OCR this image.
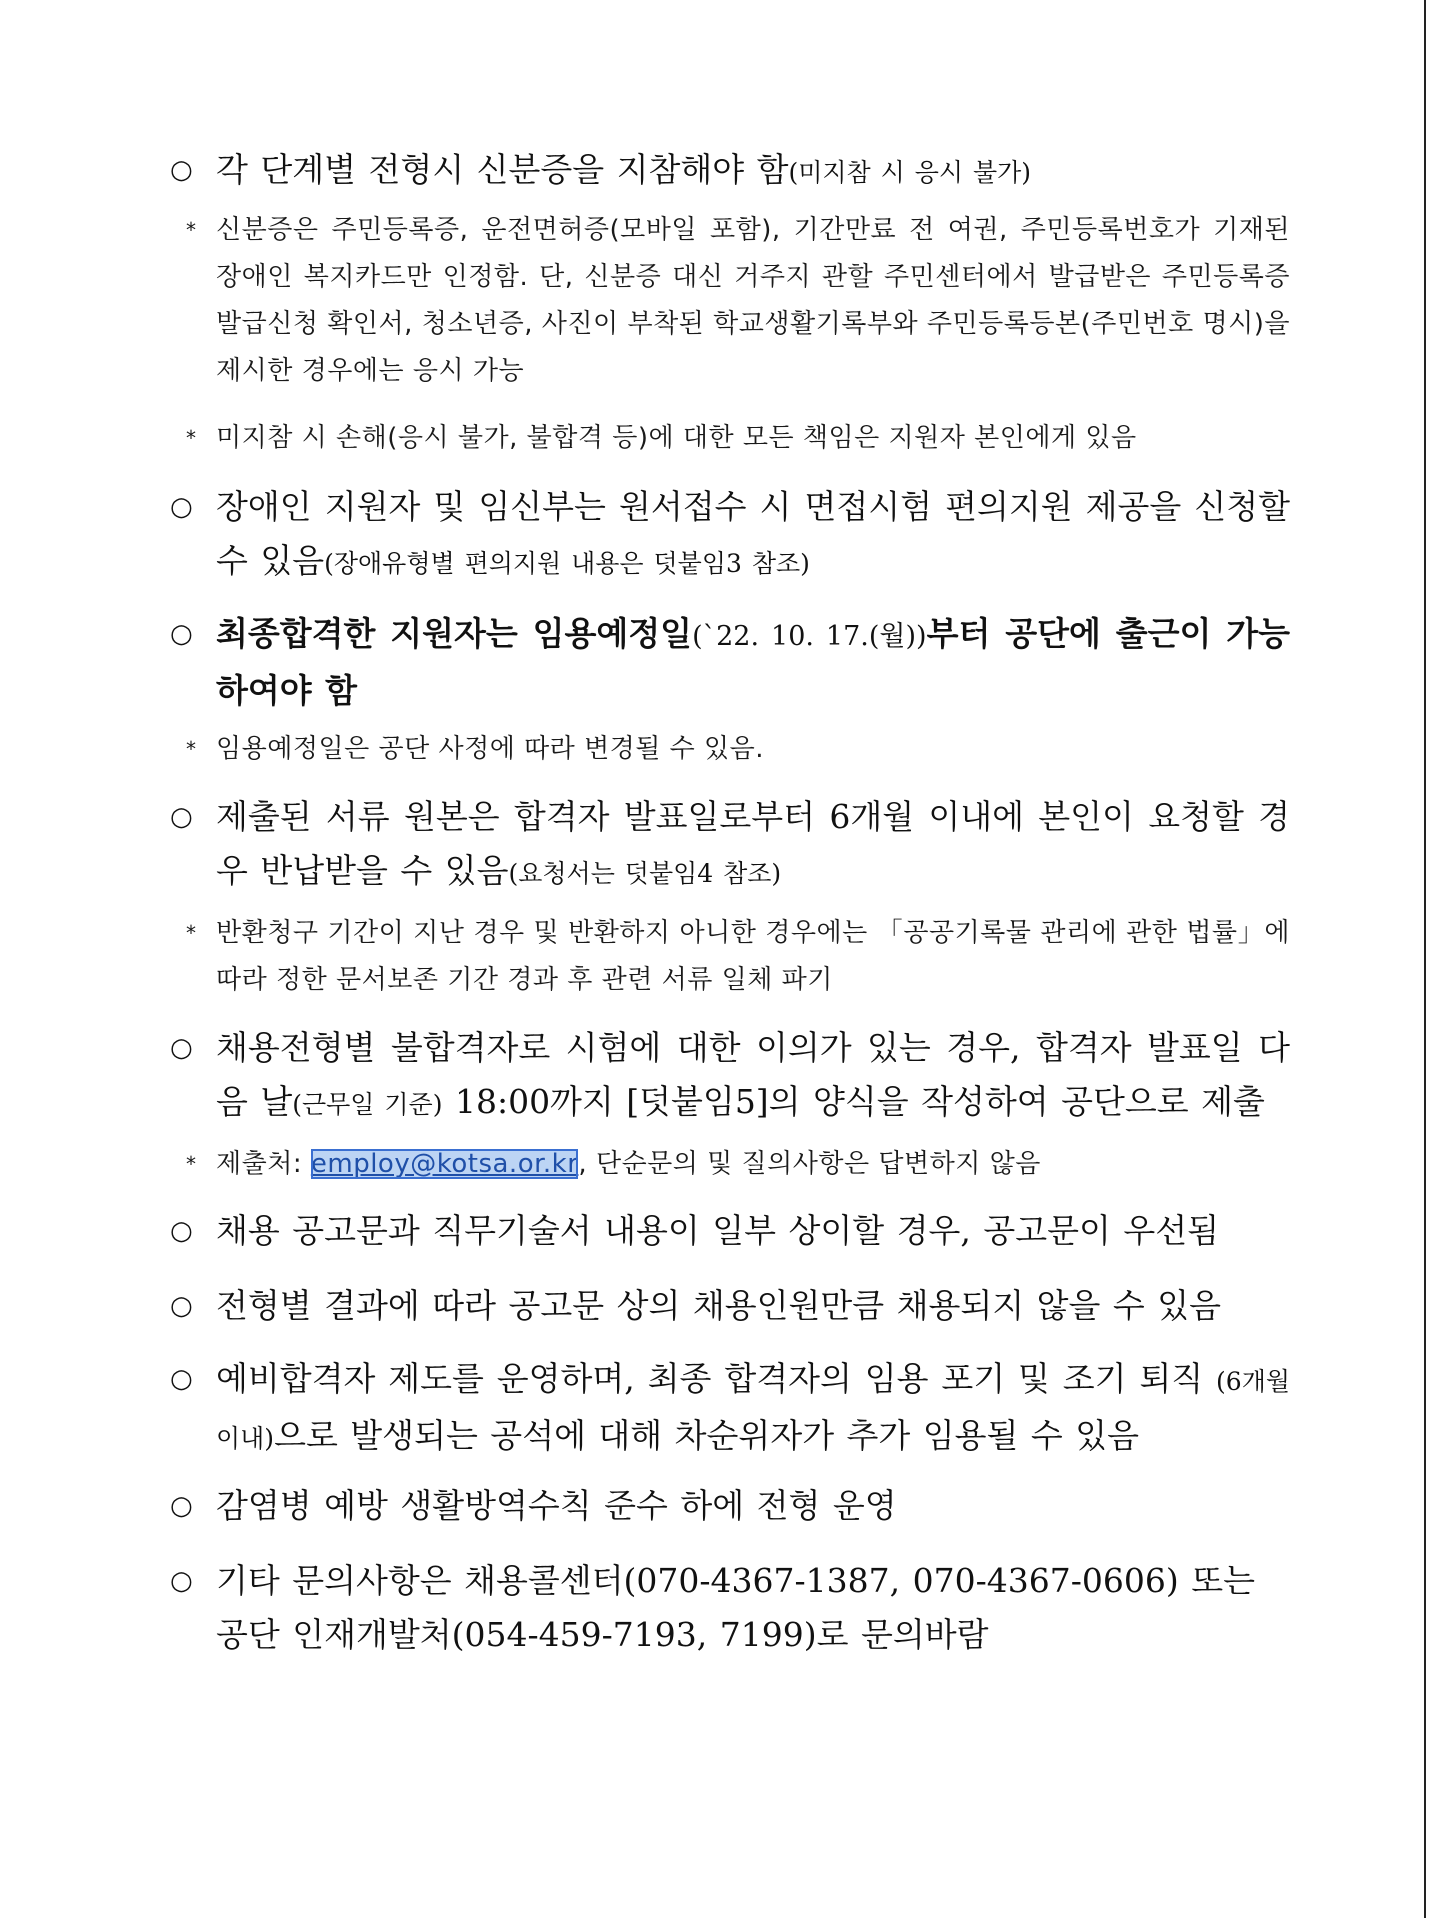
○ 각 단계별 전형시 신분증을 지참해야 함(미지참 시 응시 불가)
* 신분증은 주민등록증, 운전면허증(모바일 포함), 기간만료 전 여권, 주민등록번호가 기재된 장애인 복지카드만 인정함. 단, 신분증 대신 거주지 관할 주민센터에서 발급받은 주민등록증 발급신청 확인서, 청소년증, 사진이 부착된 학교생활기록부와 주민등록등본(주민번호 명시)을 제시한 경우에는 응시 가능
* 미지참 시 손해(응시 불가, 불합격 등)에 대한 모든 책임은 지원자 본인에게 있음
○ 장애인 지원자 및 임신부는 원서접수 시 면접시험 편의지원 제공을 신청할 수 있음(장애유형별 편의지원 내용은 덧붙임3 참조)
○ 최종합격한 지원자는 임용예정일(`22. 10. 17.(월))부터 공단에 출근이 가능하여야 함
* 임용예정일은 공단 사정에 따라 변경될 수 있음.
○ 제출된 서류 원본은 합격자 발표일로부터 6개월 이내에 본인이 요청할 경우 반납받을 수 있음(요청서는 덧붙임4 참조)
* 반환청구 기간이 지난 경우 및 반환하지 아니한 경우에는 「공공기록물 관리에 관한 법률」에 따라 정한 문서보존 기간 경과 후 관련 서류 일체 파기
○ 채용전형별 불합격자로 시험에 대한 이의가 있는 경우, 합격자 발표일 다음 날(근무일 기준) 18:00까지 [덧붙임5]의 양식을 작성하여 공단으로 제출
* 제출처: employ@kotsa.or.kr, 단순문의 및 질의사항은 답변하지 않음
○ 채용 공고문과 직무기술서 내용이 일부 상이할 경우, 공고문이 우선됨
○ 전형별 결과에 따라 공고문 상의 채용인원만큼 채용되지 않을 수 있음
○ 예비합격자 제도를 운영하며, 최종 합격자의 임용 포기 및 조기 퇴직 (6개월 이내)으로 발생되는 공석에 대해 차순위자가 추가 임용될 수 있음
○ 감염병 예방 생활방역수칙 준수 하에 전형 운영
○ 기타 문의사항은 채용콜센터(070-4367-1387, 070-4367-0606) 또는 공단 인재개발처(054-459-7193, 7199)로 문의바람
